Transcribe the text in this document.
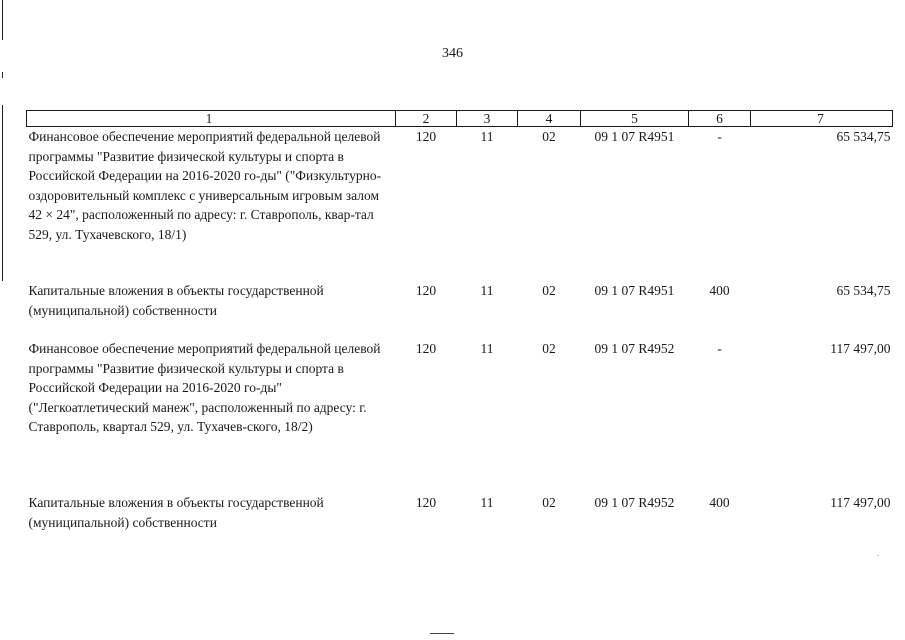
346
1	2	3	4	5	6	7
Финансовое обеспечение мероприятий федеральной целевой программы "Развитие физической культуры и спорта в Российской Федерации на 2016-2020 го-ды" ("Физкультурно-оздоровительный комплекс с универсальным игровым залом 42 × 24", расположенный по адресу: г. Ставрополь, квар-тал 529, ул. Тухачевского, 18/1)	120	11	02	09 1 07 R4951	-	65 534,75
Капитальные вложения в объекты государственной (муниципальной) собственности	120	11	02	09 1 07 R4951	400	65 534,75
Финансовое обеспечение мероприятий федеральной целевой программы "Развитие физической культуры и спорта в Российской Федерации на 2016-2020 го-ды" ("Легкоатлетический манеж", расположенный по адресу: г. Ставрополь, квартал 529, ул. Тухачев-ского, 18/2)	120	11	02	09 1 07 R4952	-	117 497,00
Капитальные вложения в объекты государственной (муниципальной) собственности	120	11	02	09 1 07 R4952	400	117 497,00
